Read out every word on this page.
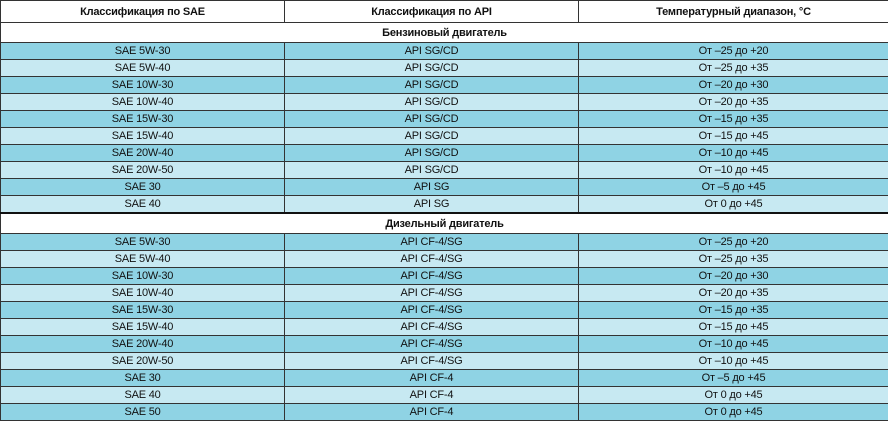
Классификация по SAE	Классификация по API	Температурный диапазон, °C
Бензиновый двигатель		
SAE 5W-30	API SG/CD	От –25 до +20
SAE 5W-40	API SG/CD	От –25 до +35
SAE 10W-30	API SG/CD	От –20 до +30
SAE 10W-40	API SG/CD	От –20 до +35
SAE 15W-30	API SG/CD	От –15 до +35
SAE 15W-40	API SG/CD	От –15 до +45
SAE 20W-40	API SG/CD	От –10 до +45
SAE 20W-50	API SG/CD	От –10 до +45
SAE 30	API SG	От –5 до +45
SAE 40	API SG	От 0 до +45
Дизельный двигатель		
SAE 5W-30	API CF-4/SG	От –25 до +20
SAE 5W-40	API CF-4/SG	От –25 до +35
SAE 10W-30	API CF-4/SG	От –20 до +30
SAE 10W-40	API CF-4/SG	От –20 до +35
SAE 15W-30	API CF-4/SG	От –15 до +35
SAE 15W-40	API CF-4/SG	От –15 до +45
SAE 20W-40	API CF-4/SG	От –10 до +45
SAE 20W-50	API CF-4/SG	От –10 до +45
SAE 30	API CF-4	От –5 до +45
SAE 40	API CF-4	От 0 до +45
SAE 50	API CF-4	От 0 до +45
